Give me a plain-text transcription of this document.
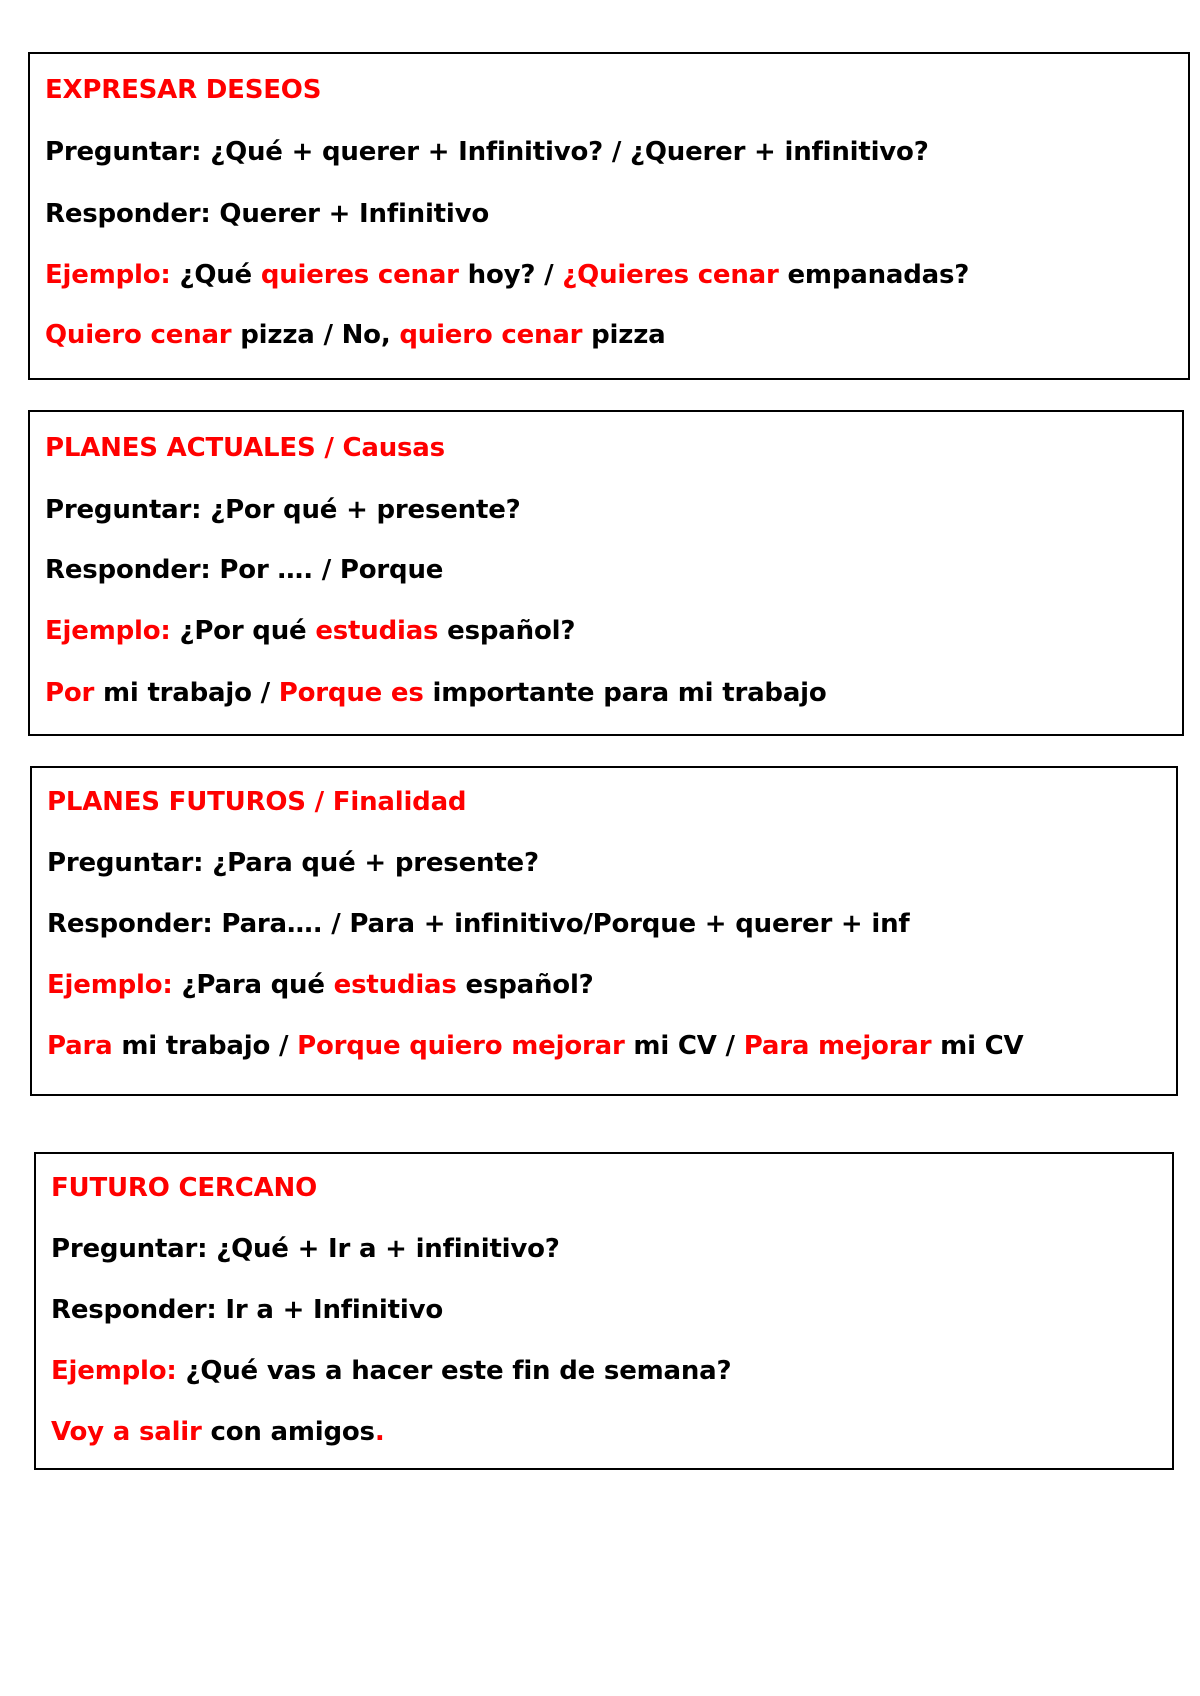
EXPRESAR DESEOS
Preguntar: ¿Qué + querer + Infinitivo? / ¿Querer + infinitivo?
Responder: Querer + Infinitivo
Ejemplo: ¿Qué quieres cenar hoy? / ¿Quieres cenar empanadas?
Quiero cenar pizza / No, quiero cenar pizza
PLANES ACTUALES / Causas
Preguntar: ¿Por qué + presente?
Responder: Por …. / Porque
Ejemplo: ¿Por qué estudias español?
Por mi trabajo / Porque es importante para mi trabajo
PLANES FUTUROS / Finalidad
Preguntar: ¿Para qué + presente?
Responder: Para…. / Para + infinitivo/Porque + querer + inf
Ejemplo: ¿Para qué estudias español?
Para mi trabajo / Porque quiero mejorar mi CV / Para mejorar mi CV
FUTURO CERCANO
Preguntar: ¿Qué + Ir a + infinitivo?
Responder: Ir a + Infinitivo
Ejemplo: ¿Qué vas a hacer este fin de semana?
Voy a salir con amigos.
